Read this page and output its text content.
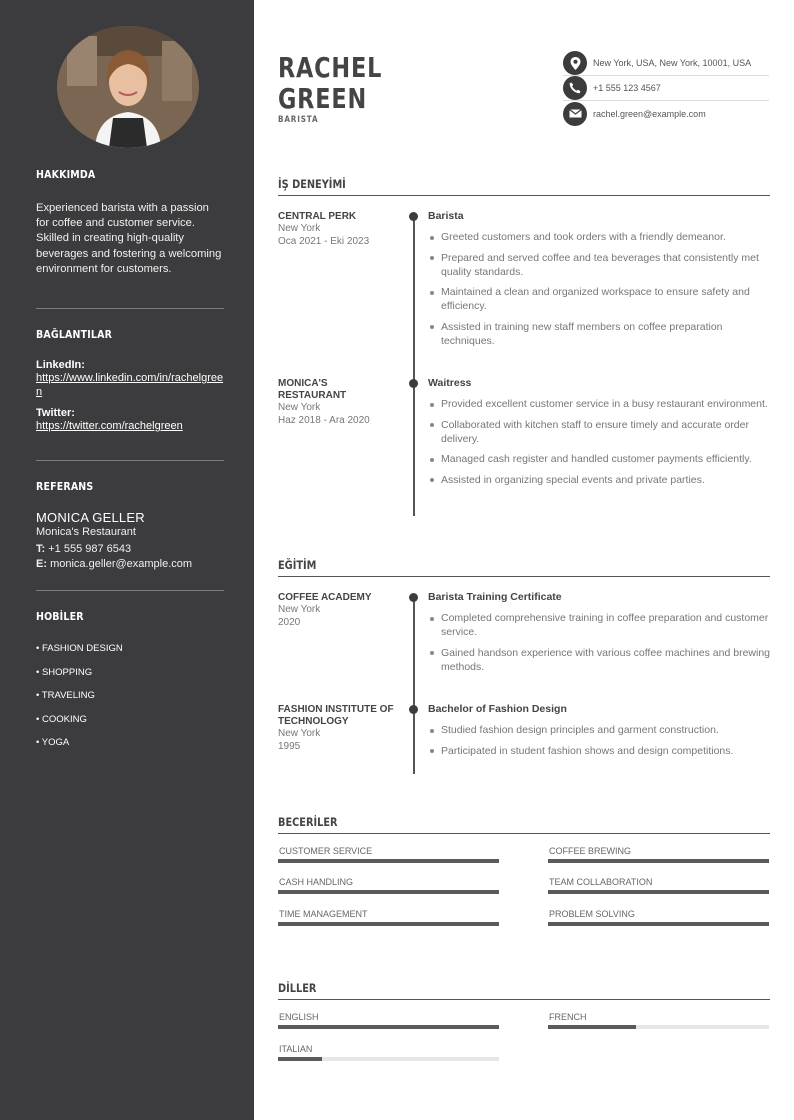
HAKKIMDA
Experienced barista with a passion for coffee and customer service. Skilled in creating high-quality beverages and fostering a welcoming environment for customers.
BAĞLANTILAR
LinkedIn:
https://www.linkedin.com/in/rachelgreen
Twitter:
https://twitter.com/rachelgreen
REFERANS
MONICA GELLER
Monica's Restaurant
T: +1 555 987 6543
E: monica.geller@example.com
HOBİLER
• FASHION DESIGN
• SHOPPING
• TRAVELING
• COOKING
• YOGA
RACHEL
GREEN
BARISTA
New York, USA, New York, 10001, USA
+1 555 123 4567
rachel.green@example.com
İŞ DENEYİMİ
CENTRAL PERK
New York
Oca 2021 - Eki 2023
Barista
Greeted customers and took orders with a friendly demeanor.
Prepared and served coffee and tea beverages that consistently met quality standards.
Maintained a clean and organized workspace to ensure safety and efficiency.
Assisted in training new staff members on coffee preparation techniques.
MONICA'S RESTAURANT
New York
Haz 2018 - Ara 2020
Waitress
Provided excellent customer service in a busy restaurant environment.
Collaborated with kitchen staff to ensure timely and accurate order delivery.
Managed cash register and handled customer payments efficiently.
Assisted in organizing special events and private parties.
EĞİTİM
COFFEE ACADEMY
New York
2020
Barista Training Certificate
Completed comprehensive training in coffee preparation and customer service.
Gained handson experience with various coffee machines and brewing methods.
FASHION INSTITUTE OF TECHNOLOGY
New York
1995
Bachelor of Fashion Design
Studied fashion design principles and garment construction.
Participated in student fashion shows and design competitions.
BECERİLER
CUSTOMER SERVICE	COFFEE BREWING
CASH HANDLING	TEAM COLLABORATION
TIME MANAGEMENT	PROBLEM SOLVING
DİLLER
ENGLISH	FRENCH
ITALIAN
